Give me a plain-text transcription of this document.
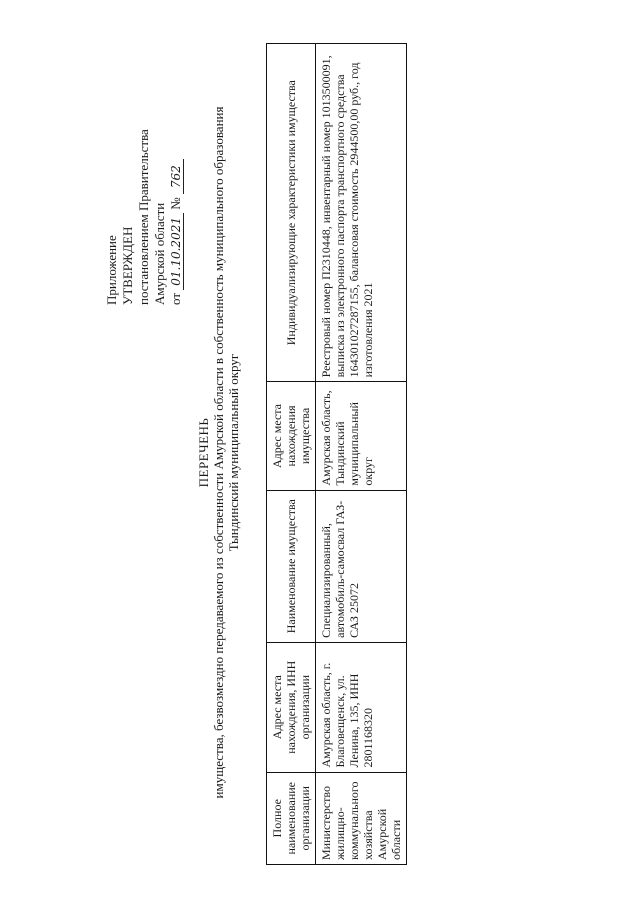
Приложение УТВЕРЖДЕН постановлением Правительства Амурской области от 01.10.2021 № 762
ПЕРЕЧЕНЬ имущества, безвозмездно передаваемого из собственности Амурской области в собственность муниципального образования Тындинский муниципальный округ
Полное наименование организации	Адрес места нахождения, ИНН организации	Наименование имущества	Адрес места нахождения имущества	Индивидуализирующие характеристики имущества
Министерство жилищно-коммунального хозяйства Амурской области	Амурская область, г. Благовещенск, ул. Ленина, 135, ИНН 2801168320	Специализированный, автомобиль-самосвал ГАЗ-САЗ 25072	Амурская область, Тындинский муниципальный округ	Реестровый номер П2310448, инвентарный номер 1013500091, выписка из электронного паспорта транспортного средства 164301027287155, балансовая стоимость 2944500,00 руб., год изготовления 2021
